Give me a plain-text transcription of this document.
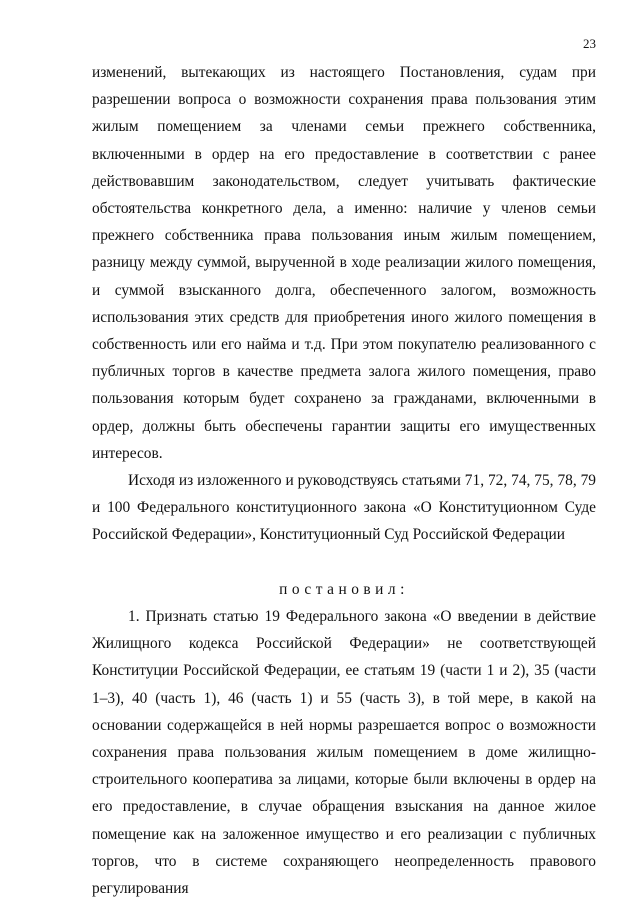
23

изменений, вытекающих из настоящего Постановления, судам при разрешении вопроса о возможности сохранения права пользования этим жилым помещением за членами семьи прежнего собственника, включенными в ордер на его предоставление в соответствии с ранее действовавшим законодательством, следует учитывать фактические обстоятельства конкретного дела, а именно: наличие у членов семьи прежнего собственника права пользования иным жилым помещением, разницу между суммой, вырученной в ходе реализации жилого помещения, и суммой взысканного долга, обеспеченного залогом, возможность использования этих средств для приобретения иного жилого помещения в собственность или его найма и т.д. При этом покупателю реализованного с публичных торгов в качестве предмета залога жилого помещения, право пользования которым будет сохранено за гражданами, включенными в ордер, должны быть обеспечены гарантии защиты его имущественных интересов.

Исходя из изложенного и руководствуясь статьями 71, 72, 74, 75, 78, 79 и 100 Федерального конституционного закона «О Конституционном Суде Российской Федерации», Конституционный Суд Российской Федерации

постановил:

1. Признать статью 19 Федерального закона «О введении в действие Жилищного кодекса Российской Федерации» не соответствующей Конституции Российской Федерации, ее статьям 19 (части 1 и 2), 35 (части 1–3), 40 (часть 1), 46 (часть 1) и 55 (часть 3), в той мере, в какой на основании содержащейся в ней нормы разрешается вопрос о возможности сохранения права пользования жилым помещением в доме жилищно-строительного кооператива за лицами, которые были включены в ордер на его предоставление, в случае обращения взыскания на данное жилое помещение как на заложенное имущество и его реализации с публичных торгов, что в системе сохраняющего неопределенность правового регулирования
